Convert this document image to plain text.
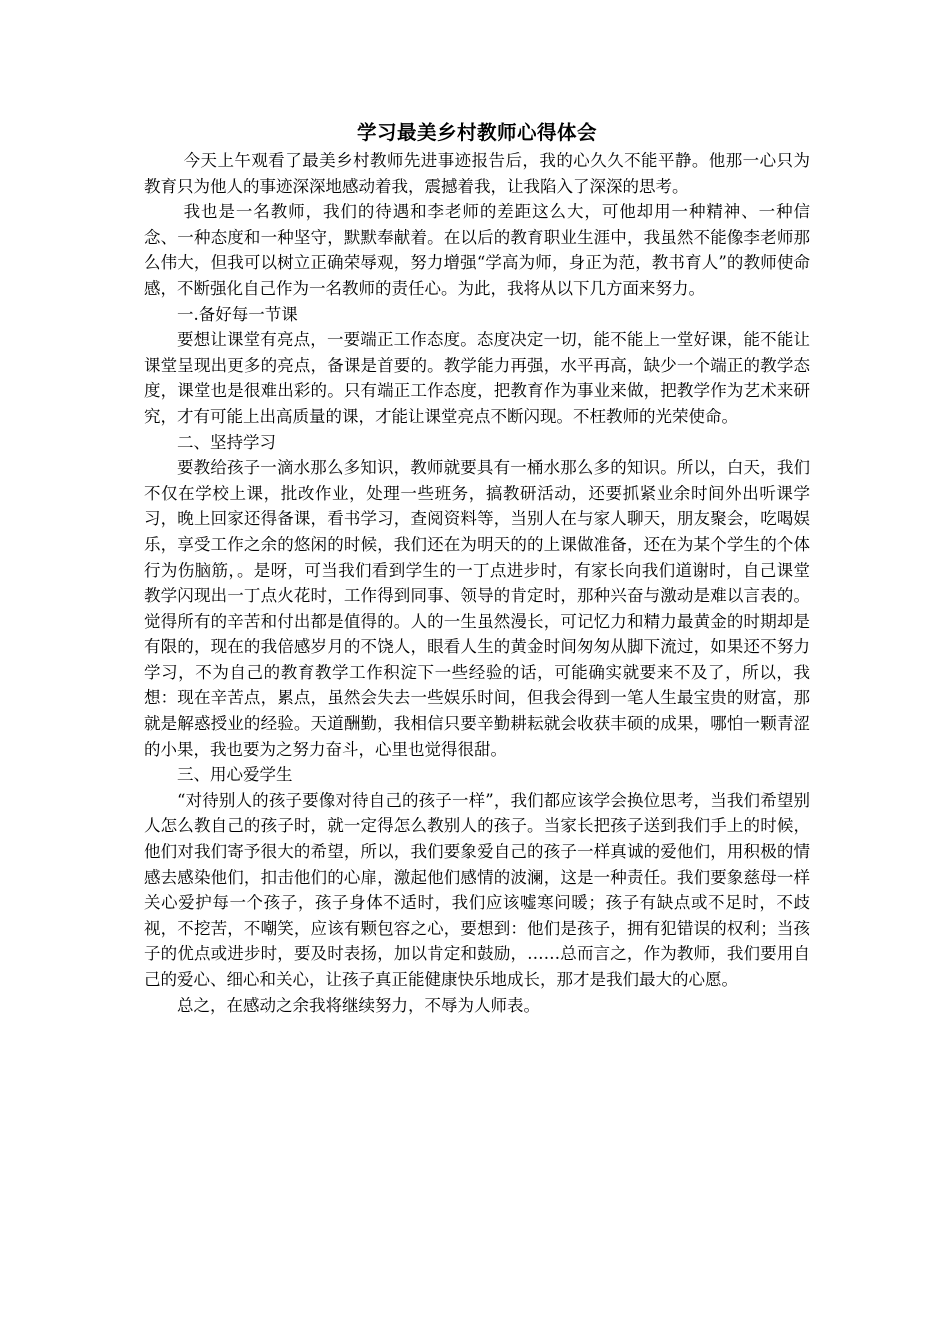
学习最美乡村教师心得体会

今天上午观看了最美乡村教师先进事迹报告后，我的心久久不能平静。他那一心只为教育只为他人的事迹深深地感动着我，震撼着我，让我陷入了深深的思考。

我也是一名教师，我们的待遇和李老师的差距这么大，可他却用一种精神、一种信念、一种态度和一种坚守，默默奉献着。在以后的教育职业生涯中，我虽然不能像李老师那么伟大，但我可以树立正确荣辱观，努力增强“学高为师，身正为范，教书育人”的教师使命感，不断强化自己作为一名教师的责任心。为此，我将从以下几方面来努力。

一.备好每一节课

要想让课堂有亮点，一要端正工作态度。态度决定一切，能不能上一堂好课，能不能让课堂呈现出更多的亮点，备课是首要的。教学能力再强，水平再高，缺少一个端正的教学态度，课堂也是很难出彩的。只有端正工作态度，把教育作为事业来做，把教学作为艺术来研究，才有可能上出高质量的课，才能让课堂亮点不断闪现。不枉教师的光荣使命。

二、坚持学习

要教给孩子一滴水那么多知识，教师就要具有一桶水那么多的知识。所以，白天，我们不仅在学校上课，批改作业，处理一些班务，搞教研活动，还要抓紧业余时间外出听课学习，晚上回家还得备课，看书学习，查阅资料等，当别人在与家人聊天，朋友聚会，吃喝娱乐，享受工作之余的悠闲的时候，我们还在为明天的的上课做准备，还在为某个学生的个体行为伤脑筋，。是呀，可当我们看到学生的一丁点进步时，有家长向我们道谢时，自己课堂教学闪现出一丁点火花时，工作得到同事、领导的肯定时，那种兴奋与激动是难以言表的。觉得所有的辛苦和付出都是值得的。人的一生虽然漫长，可记忆力和精力最黄金的时期却是有限的，现在的我倍感岁月的不饶人，眼看人生的黄金时间匆匆从脚下流过，如果还不努力学习，不为自己的教育教学工作积淀下一些经验的话，可能确实就要来不及了，所以，我想：现在辛苦点，累点，虽然会失去一些娱乐时间，但我会得到一笔人生最宝贵的财富，那就是解惑授业的经验。天道酬勤，我相信只要辛勤耕耘就会收获丰硕的成果，哪怕一颗青涩的小果，我也要为之努力奋斗，心里也觉得很甜。

三、用心爱学生

“对待别人的孩子要像对待自己的孩子一样”，我们都应该学会换位思考，当我们希望别人怎么教自己的孩子时，就一定得怎么教别人的孩子。当家长把孩子送到我们手上的时候，他们对我们寄予很大的希望，所以，我们要象爱自己的孩子一样真诚的爱他们，用积极的情感去感染他们，扣击他们的心扉，激起他们感情的波澜，这是一种责任。我们要象慈母一样关心爱护每一个孩子，孩子身体不适时，我们应该嘘寒问暖；孩子有缺点或不足时，不歧视，不挖苦，不嘲笑，应该有颗包容之心，要想到：他们是孩子，拥有犯错误的权利；当孩子的优点或进步时，要及时表扬，加以肯定和鼓励，……总而言之，作为教师，我们要用自己的爱心、细心和关心，让孩子真正能健康快乐地成长，那才是我们最大的心愿。

总之，在感动之余我将继续努力，不辱为人师表。
